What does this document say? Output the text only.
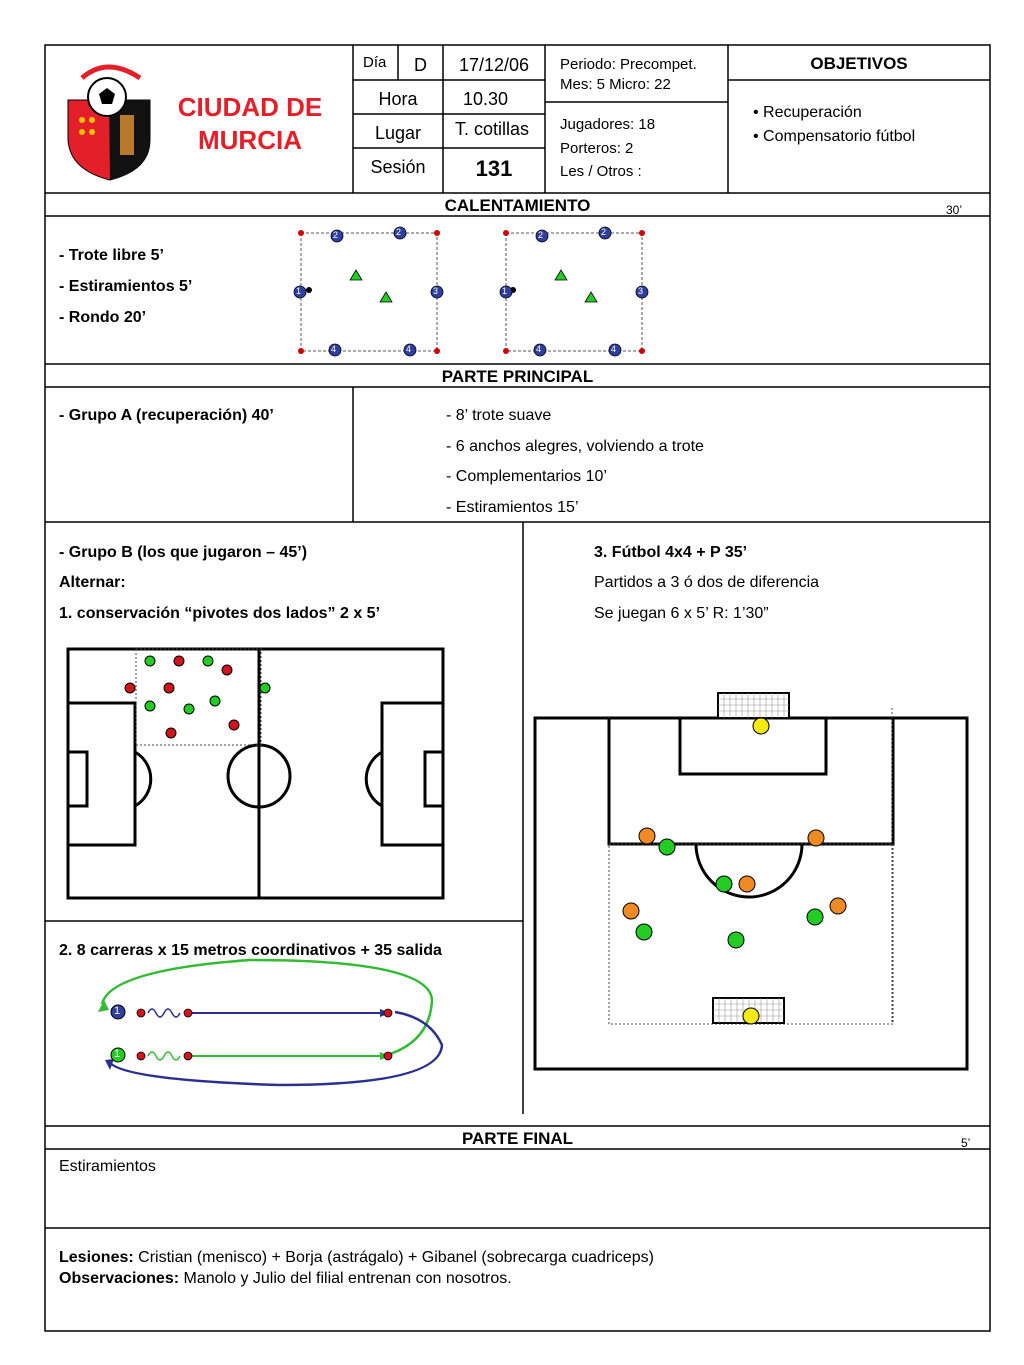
2	2
1	3
4	4
2	2
1	3
4	4
CIUDAD DE
MURCIA
Día	D	17/12/06
Hora	10.30
Lugar	T. cotillas
Sesión	131
Periodo: Precompet.
Mes: 5 Micro: 22
Jugadores: 18
Porteros: 2
Les / Otros :
OBJETIVOS
• Recuperación
• Compensatorio fútbol
CALENTAMIENTO	30’
- Trote libre 5’
- Estiramientos 5’
- Rondo 20’
PARTE PRINCIPAL
- Grupo A (recuperación) 40’	- 8’ trote suave
- 6 anchos alegres, volviendo a trote
- Complementarios 10’
- Estiramientos 15’
- Grupo B (los que jugaron – 45’)
Alternar:
1. conservación “pivotes dos lados” 2 x 5’
2. 8 carreras x 15 metros coordinativos + 35 salida
1
1
3. Fútbol 4x4 + P 35’
Partidos a 3 ó dos de diferencia
Se juegan 6 x 5’ R: 1’30”
PARTE FINAL	5’
Estiramientos
Lesiones: Cristian (menisco) + Borja (astrágalo) + Gibanel (sobrecarga cuadriceps)
Observaciones: Manolo y Julio del filial entrenan con nosotros.
